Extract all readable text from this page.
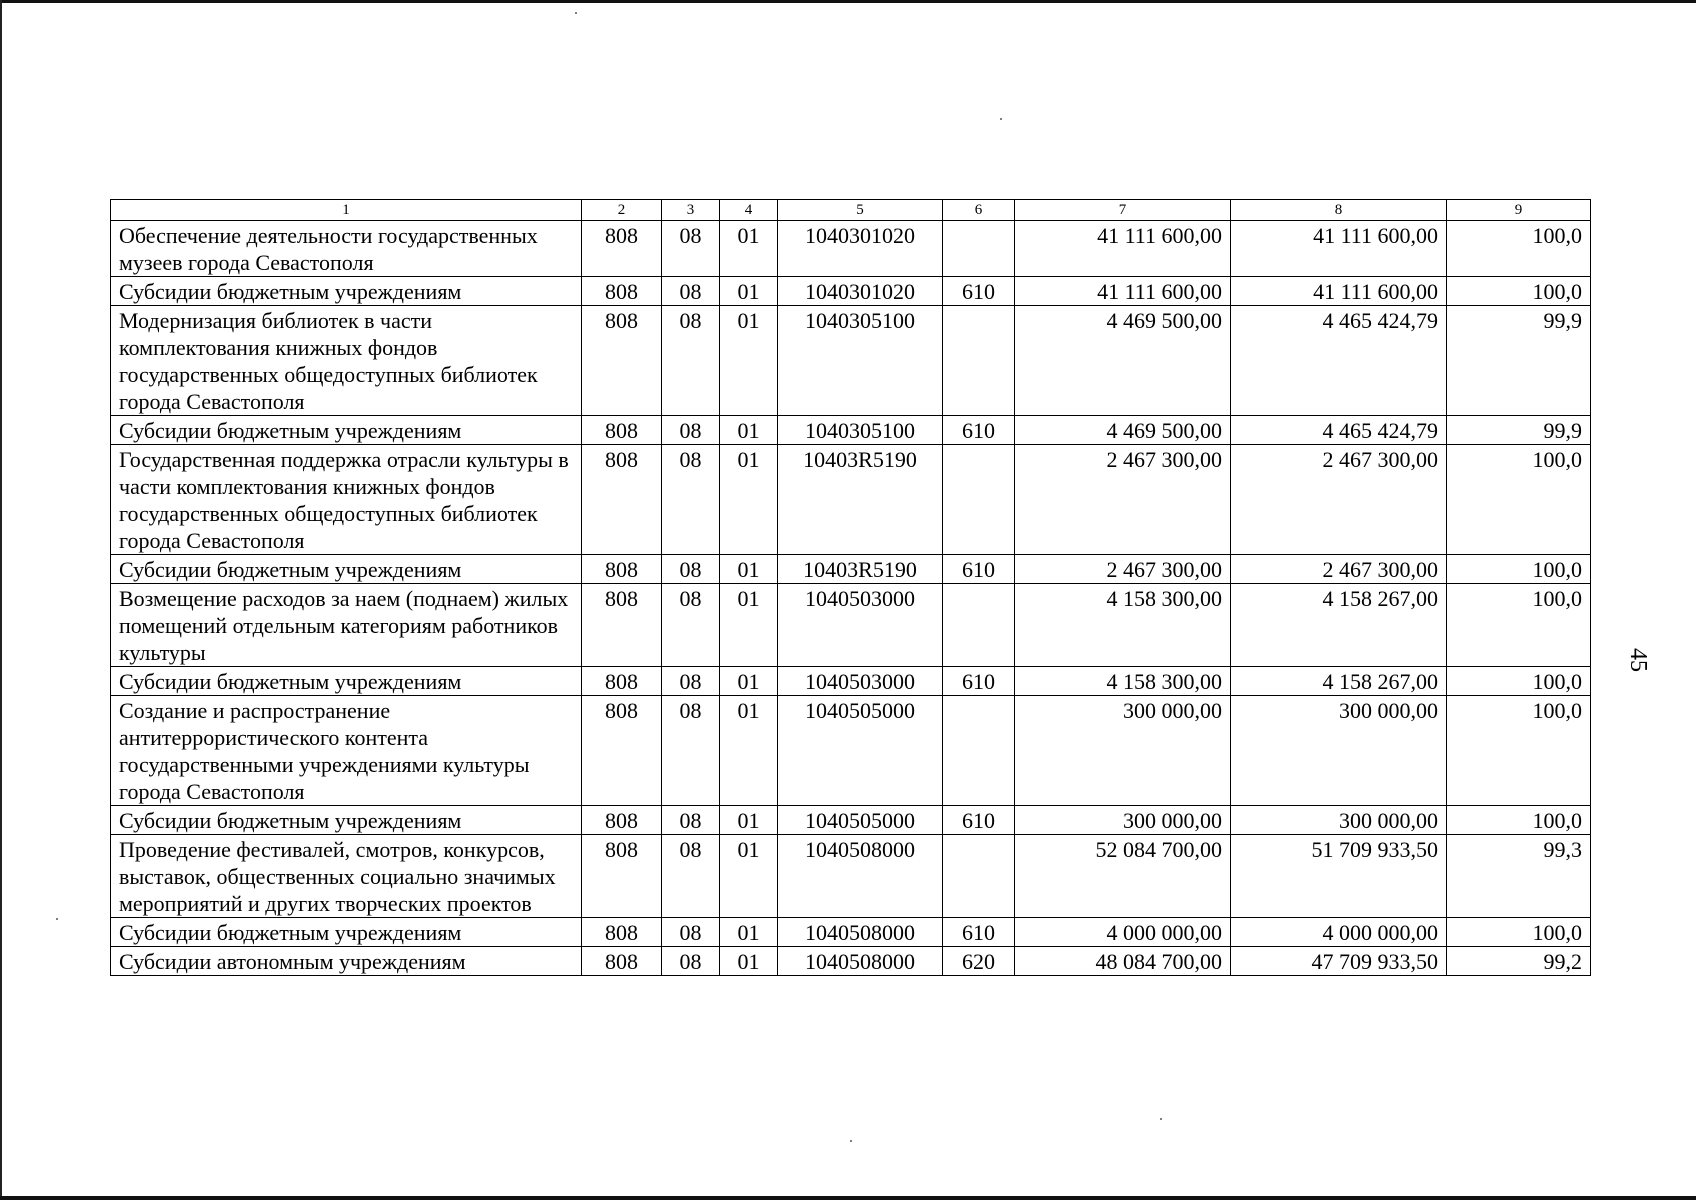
45
1	2	3	4	5	6	7	8	9
Обеспечение деятельности государственных музеев города Севастополя	808	08	01	1040301020		41 111 600,00	41 111 600,00	100,0
Субсидии бюджетным учреждениям	808	08	01	1040301020	610	41 111 600,00	41 111 600,00	100,0
Модернизация библиотек в части комплектования книжных фондов государственных общедоступных библиотек города Севастополя	808	08	01	1040305100		4 469 500,00	4 465 424,79	99,9
Субсидии бюджетным учреждениям	808	08	01	1040305100	610	4 469 500,00	4 465 424,79	99,9
Государственная поддержка отрасли культуры в части комплектования книжных фондов государственных общедоступных библиотек города Севастополя	808	08	01	10403R5190		2 467 300,00	2 467 300,00	100,0
Субсидии бюджетным учреждениям	808	08	01	10403R5190	610	2 467 300,00	2 467 300,00	100,0
Возмещение расходов за наем (поднаем) жилых помещений отдельным категориям работников культуры	808	08	01	1040503000		4 158 300,00	4 158 267,00	100,0
Субсидии бюджетным учреждениям	808	08	01	1040503000	610	4 158 300,00	4 158 267,00	100,0
Создание и распространение антитеррористического контента государственными учреждениями культуры города Севастополя	808	08	01	1040505000		300 000,00	300 000,00	100,0
Субсидии бюджетным учреждениям	808	08	01	1040505000	610	300 000,00	300 000,00	100,0
Проведение фестивалей, смотров, конкурсов, выставок, общественных социально значимых мероприятий и других творческих проектов	808	08	01	1040508000		52 084 700,00	51 709 933,50	99,3
Субсидии бюджетным учреждениям	808	08	01	1040508000	610	4 000 000,00	4 000 000,00	100,0
Субсидии автономным учреждениям	808	08	01	1040508000	620	48 084 700,00	47 709 933,50	99,2
